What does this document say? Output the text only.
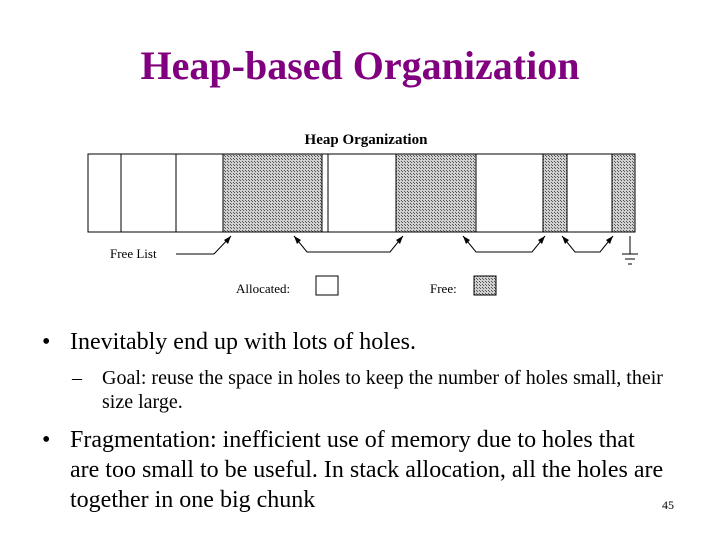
Heap-based Organization
Heap Organization
Free List
Allocated:	Free:
• Inevitably end up with lots of holes.
– Goal: reuse the space in holes to keep the number of holes small, their size large.
• Fragmentation: inefficient use of memory due to holes that are too small to be useful. In stack allocation, all the holes are together in one big chunk	45
